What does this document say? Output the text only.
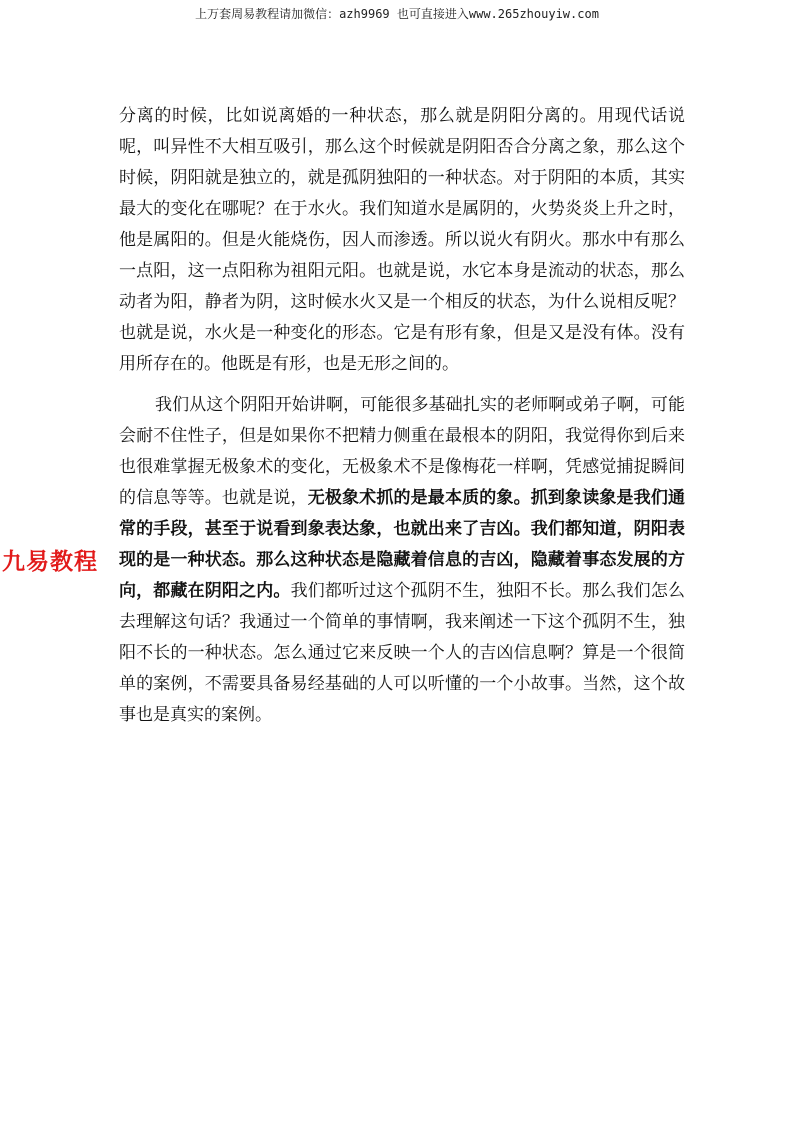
上万套周易教程请加微信：azh9969 也可直接进入www.265zhouyiw.com
九易教程

分离的时候，比如说离婚的一种状态，那么就是阴阳分离的。用现代话说呢，叫异性不大相互吸引，那么这个时候就是阴阳否合分离之象，那么这个时候，阴阳就是独立的，就是孤阴独阳的一种状态。对于阴阳的本质，其实最大的变化在哪呢？在于水火。我们知道水是属阴的，火势炎炎上升之时，他是属阳的。但是火能烧伤，因人而渗透。所以说火有阴火。那水中有那么一点阳，这一点阳称为祖阳元阳。也就是说，水它本身是流动的状态，那么动者为阳，静者为阴，这时候水火又是一个相反的状态，为什么说相反呢？也就是说，水火是一种变化的形态。它是有形有象，但是又是没有体。没有用所存在的。他既是有形，也是无形之间的。

我们从这个阴阳开始讲啊，可能很多基础扎实的老师啊或弟子啊，可能会耐不住性子，但是如果你不把精力侧重在最根本的阴阳，我觉得你到后来也很难掌握无极象术的变化，无极象术不是像梅花一样啊，凭感觉捕捉瞬间的信息等等。也就是说，无极象术抓的是最本质的象。抓到象读象是我们通常的手段，甚至于说看到象表达象，也就出来了吉凶。我们都知道，阴阳表现的是一种状态。那么这种状态是隐藏着信息的吉凶，隐藏着事态发展的方向，都藏在阴阳之内。我们都听过这个孤阴不生，独阳不长。那么我们怎么去理解这句话？我通过一个简单的事情啊，我来阐述一下这个孤阴不生，独阳不长的一种状态。怎么通过它来反映一个人的吉凶信息啊？算是一个很简单的案例，不需要具备易经基础的人可以听懂的一个小故事。当然，这个故事也是真实的案例。
